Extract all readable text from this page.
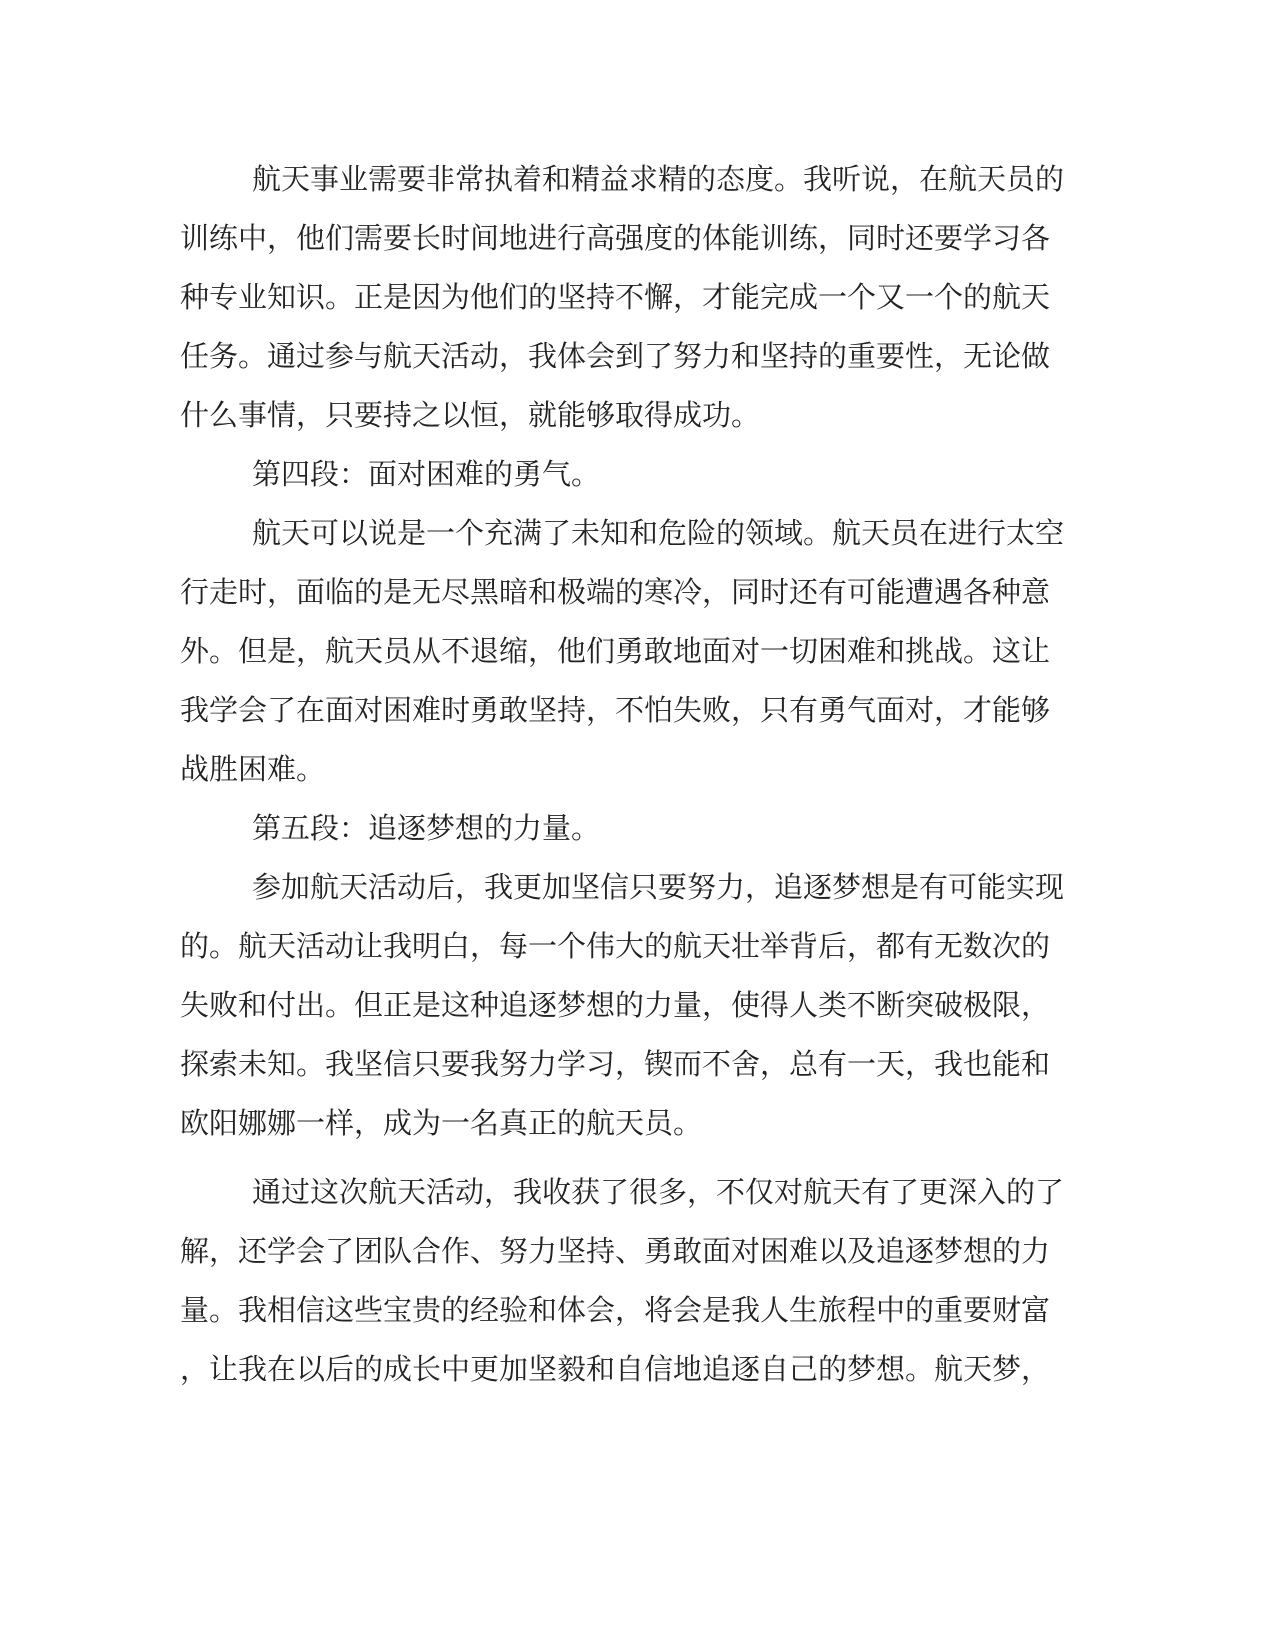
航天事业需要非常执着和精益求精的态度。我听说，在航天员的
训练中，他们需要长时间地进行高强度的体能训练，同时还要学习各
种专业知识。正是因为他们的坚持不懈，才能完成一个又一个的航天
任务。通过参与航天活动，我体会到了努力和坚持的重要性，无论做
什么事情，只要持之以恒，就能够取得成功。
第四段：面对困难的勇气。
航天可以说是一个充满了未知和危险的领域。航天员在进行太空
行走时，面临的是无尽黑暗和极端的寒冷，同时还有可能遭遇各种意
外。但是，航天员从不退缩，他们勇敢地面对一切困难和挑战。这让
我学会了在面对困难时勇敢坚持，不怕失败，只有勇气面对，才能够
战胜困难。
第五段：追逐梦想的力量。
参加航天活动后，我更加坚信只要努力，追逐梦想是有可能实现
的。航天活动让我明白，每一个伟大的航天壮举背后，都有无数次的
失败和付出。但正是这种追逐梦想的力量，使得人类不断突破极限，
探索未知。我坚信只要我努力学习，锲而不舍，总有一天，我也能和
欧阳娜娜一样，成为一名真正的航天员。
通过这次航天活动，我收获了很多，不仅对航天有了更深入的了
解，还学会了团队合作、努力坚持、勇敢面对困难以及追逐梦想的力
量。我相信这些宝贵的经验和体会，将会是我人生旅程中的重要财富
，让我在以后的成长中更加坚毅和自信地追逐自己的梦想。航天梦，
